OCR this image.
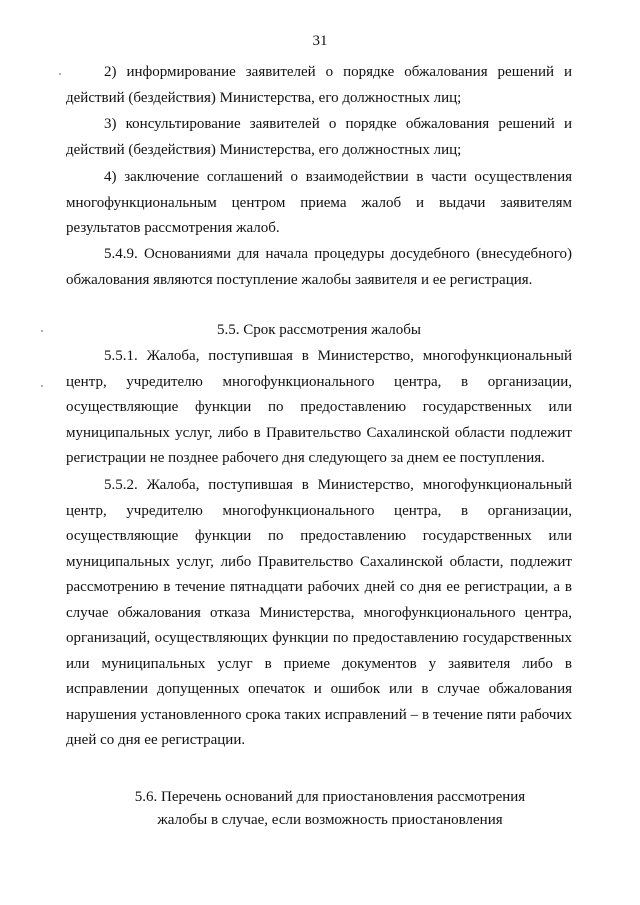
31

2) информирование заявителей о порядке обжалования решений и действий (бездействия) Министерства, его должностных лиц;

3) консультирование заявителей о порядке обжалования решений и действий (бездействия) Министерства, его должностных лиц;

4) заключение соглашений о взаимодействии в части осуществления многофункциональным центром приема жалоб и выдачи заявителям результатов рассмотрения жалоб.

5.4.9. Основаниями для начала процедуры досудебного (внесудебного) обжалования являются поступление жалобы заявителя и ее регистрация.

5.5. Срок рассмотрения жалобы

5.5.1. Жалоба, поступившая в Министерство, многофункциональный центр, учредителю многофункционального центра, в организации, осуществляющие функции по предоставлению государственных или муниципальных услуг, либо в Правительство Сахалинской области подлежит регистрации не позднее рабочего дня следующего за днем ее поступления.

5.5.2. Жалоба, поступившая в Министерство, многофункциональный центр, учредителю многофункционального центра, в организации, осуществляющие функции по предоставлению государственных или муниципальных услуг, либо Правительство Сахалинской области, подлежит рассмотрению в течение пятнадцати рабочих дней со дня ее регистрации, а в случае обжалования отказа Министерства, многофункционального центра, организаций, осуществляющих функции по предоставлению государственных или муниципальных услуг в приеме документов у заявителя либо в исправлении допущенных опечаток и ошибок или в случае обжалования нарушения установленного срока таких исправлений – в течение пяти рабочих дней со дня ее регистрации.

5.6. Перечень оснований для приостановления рассмотрения
жалобы в случае, если возможность приостановления
